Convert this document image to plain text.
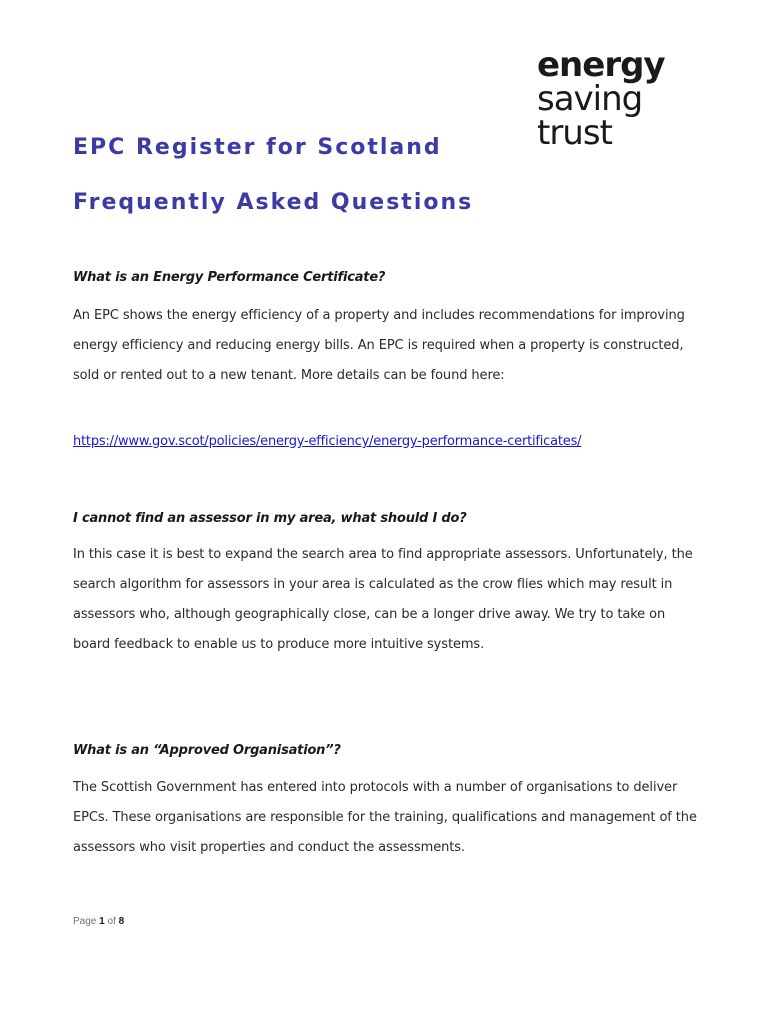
energy
saving
trust
EPC Register for Scotland
Frequently Asked Questions

What is an Energy Performance Certificate?

An EPC shows the energy efficiency of a property and includes recommendations for improving energy efficiency and reducing energy bills. An EPC is required when a property is constructed, sold or rented out to a new tenant. More details can be found here:

https://www.gov.scot/policies/energy-efficiency/energy-performance-certificates/

I cannot find an assessor in my area, what should I do?

In this case it is best to expand the search area to find appropriate assessors. Unfortunately, the search algorithm for assessors in your area is calculated as the crow flies which may result in assessors who, although geographically close, can be a longer drive away. We try to take on board feedback to enable us to produce more intuitive systems.

What is an “Approved Organisation”?

The Scottish Government has entered into protocols with a number of organisations to deliver EPCs. These organisations are responsible for the training, qualifications and management of the assessors who visit properties and conduct the assessments.

Page 1 of 8
